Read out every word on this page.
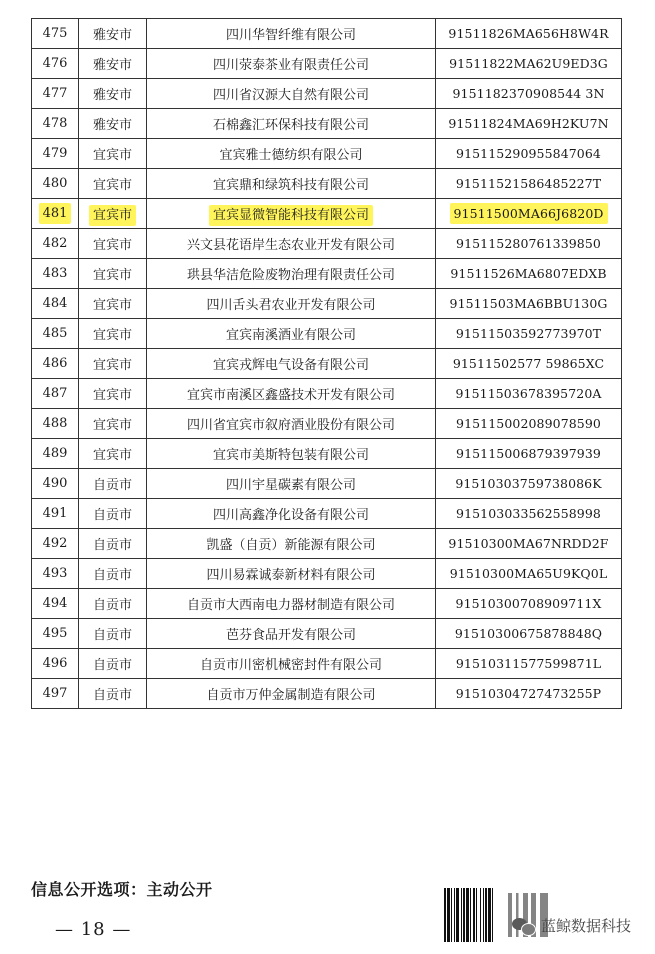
475	雅安市	四川华智纤维有限公司	91511826MA656H8W4R
476	雅安市	四川荥泰茶业有限责任公司	91511822MA62U9ED3G
477	雅安市	四川省汉源大自然有限公司	9151182370908544 3N
478	雅安市	石棉鑫汇环保科技有限公司	91511824MA69H2KU7N
479	宜宾市	宜宾雅士德纺织有限公司	915115290955847064
480	宜宾市	宜宾鼎和绿筑科技有限公司	91511521586485227T
481	宜宾市	宜宾显微智能科技有限公司	91511500MA66J6820D
482	宜宾市	兴文县花语岸生态农业开发有限公司	915115280761339850
483	宜宾市	珙县华洁危险废物治理有限责任公司	91511526MA6807EDXB
484	宜宾市	四川舌头君农业开发有限公司	91511503MA6BBU130G
485	宜宾市	宜宾南溪酒业有限公司	91511503592773970T
486	宜宾市	宜宾戎辉电气设备有限公司	91511502577 59865XC
487	宜宾市	宜宾市南溪区鑫盛技术开发有限公司	91511503678395720A
488	宜宾市	四川省宜宾市叙府酒业股份有限公司	915115002089078590
489	宜宾市	宜宾市美斯特包装有限公司	915115006879397939
490	自贡市	四川宇星碳素有限公司	91510303759738086K
491	自贡市	四川高鑫净化设备有限公司	915103033562558998
492	自贡市	凯盛（自贡）新能源有限公司	91510300MA67NRDD2F
493	自贡市	四川易霖诚泰新材料有限公司	91510300MA65U9KQ0L
494	自贡市	自贡市大西南电力器材制造有限公司	91510300708909711X
495	自贡市	芭芬食品开发有限公司	91510300675878848Q
496	自贡市	自贡市川密机械密封件有限公司	91510311577599871L
497	自贡市	自贡市万仲金属制造有限公司	91510304727473255P
信息公开选项：主动公开
— 18 —	蓝鲸数据科技
